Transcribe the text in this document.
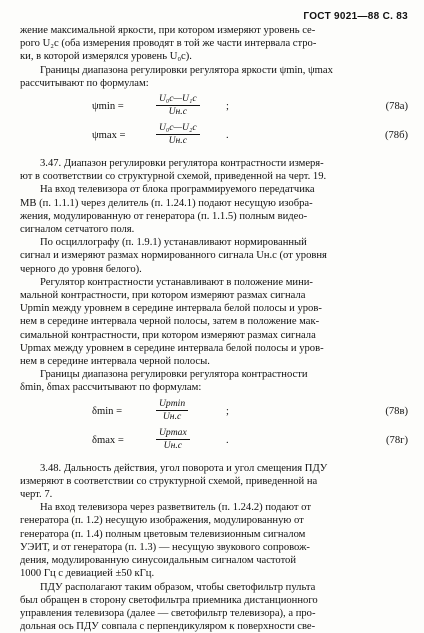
ГОСТ 9021—88 С. 83

жение максимальной яркости, при котором измеряют уровень се-
рого U₂с (оба измерения проводят в той же части интервала стро-
ки, в которой измерялся уровень U₀с).

Границы диапазона регулировки регулятора яркости ψmin, ψmax
рассчитывают по формулам:

ψmin =
U₀с—U₁с
Uн.с	;	(78а)
ψmax =
U₀с—U₂с
Uн.с	.	(78б)

3.47. Диапазон регулировки регулятора контрастности измеря-
ют в соответствии со структурной схемой, приведенной на черт. 19.

На вход телевизора от блока программируемого передатчика
МВ (п. 1.1.1) через делитель (п. 1.24.1) подают несущую изобра-
жения, модулированную от генератора (п. 1.1.5) полным видео-
сигналом сетчатого поля.

По осциллографу (п. 1.9.1) устанавливают нормированный
сигнал и измеряют размах нормированного сигнала Uн.с (от уровня
черного до уровня белого).

Регулятор контрастности устанавливают в положение мини-
мальной контрастности, при котором измеряют размах сигнала
Uрmin между уровнем в середине интервала белой полосы и уров-
нем в середине интервала черной полосы, затем в положение мак-
симальной контрастности, при котором измеряют размах сигнала
Uрmax между уровнем в середине интервала белой полосы и уров-
нем в середине интервала черной полосы.

Границы диапазона регулировки регулятора контрастности
δmin, δmax рассчитывают по формулам:

δmin =
Uрmin
Uн.с	;	(78в)
δmax =
Uрmax
Uн.с	.	(78г)

3.48. Дальность действия, угол поворота и угол смещения ПДУ
измеряют в соответствии со структурной схемой, приведенной на
черт. 7.

На вход телевизора через разветвитель (п. 1.24.2) подают от
генератора (п. 1.2) несущую изображения, модулированную от
генератора (п. 1.4) полным цветовым телевизионным сигналом
УЭИТ, и от генератора (п. 1.3) — несущую звукового сопровож-
дения, модулированную синусоидальным сигналом частотой
1000 Гц с девиацией ±50 кГц.

ПДУ располагают таким образом, чтобы светофильтр пульта
был обращен в сторону светофильтра приемника дистанционного
управления телевизора (далее — светофильтр телевизора), а про-
дольная ось ПДУ совпала с перпендикуляром к поверхности све-
